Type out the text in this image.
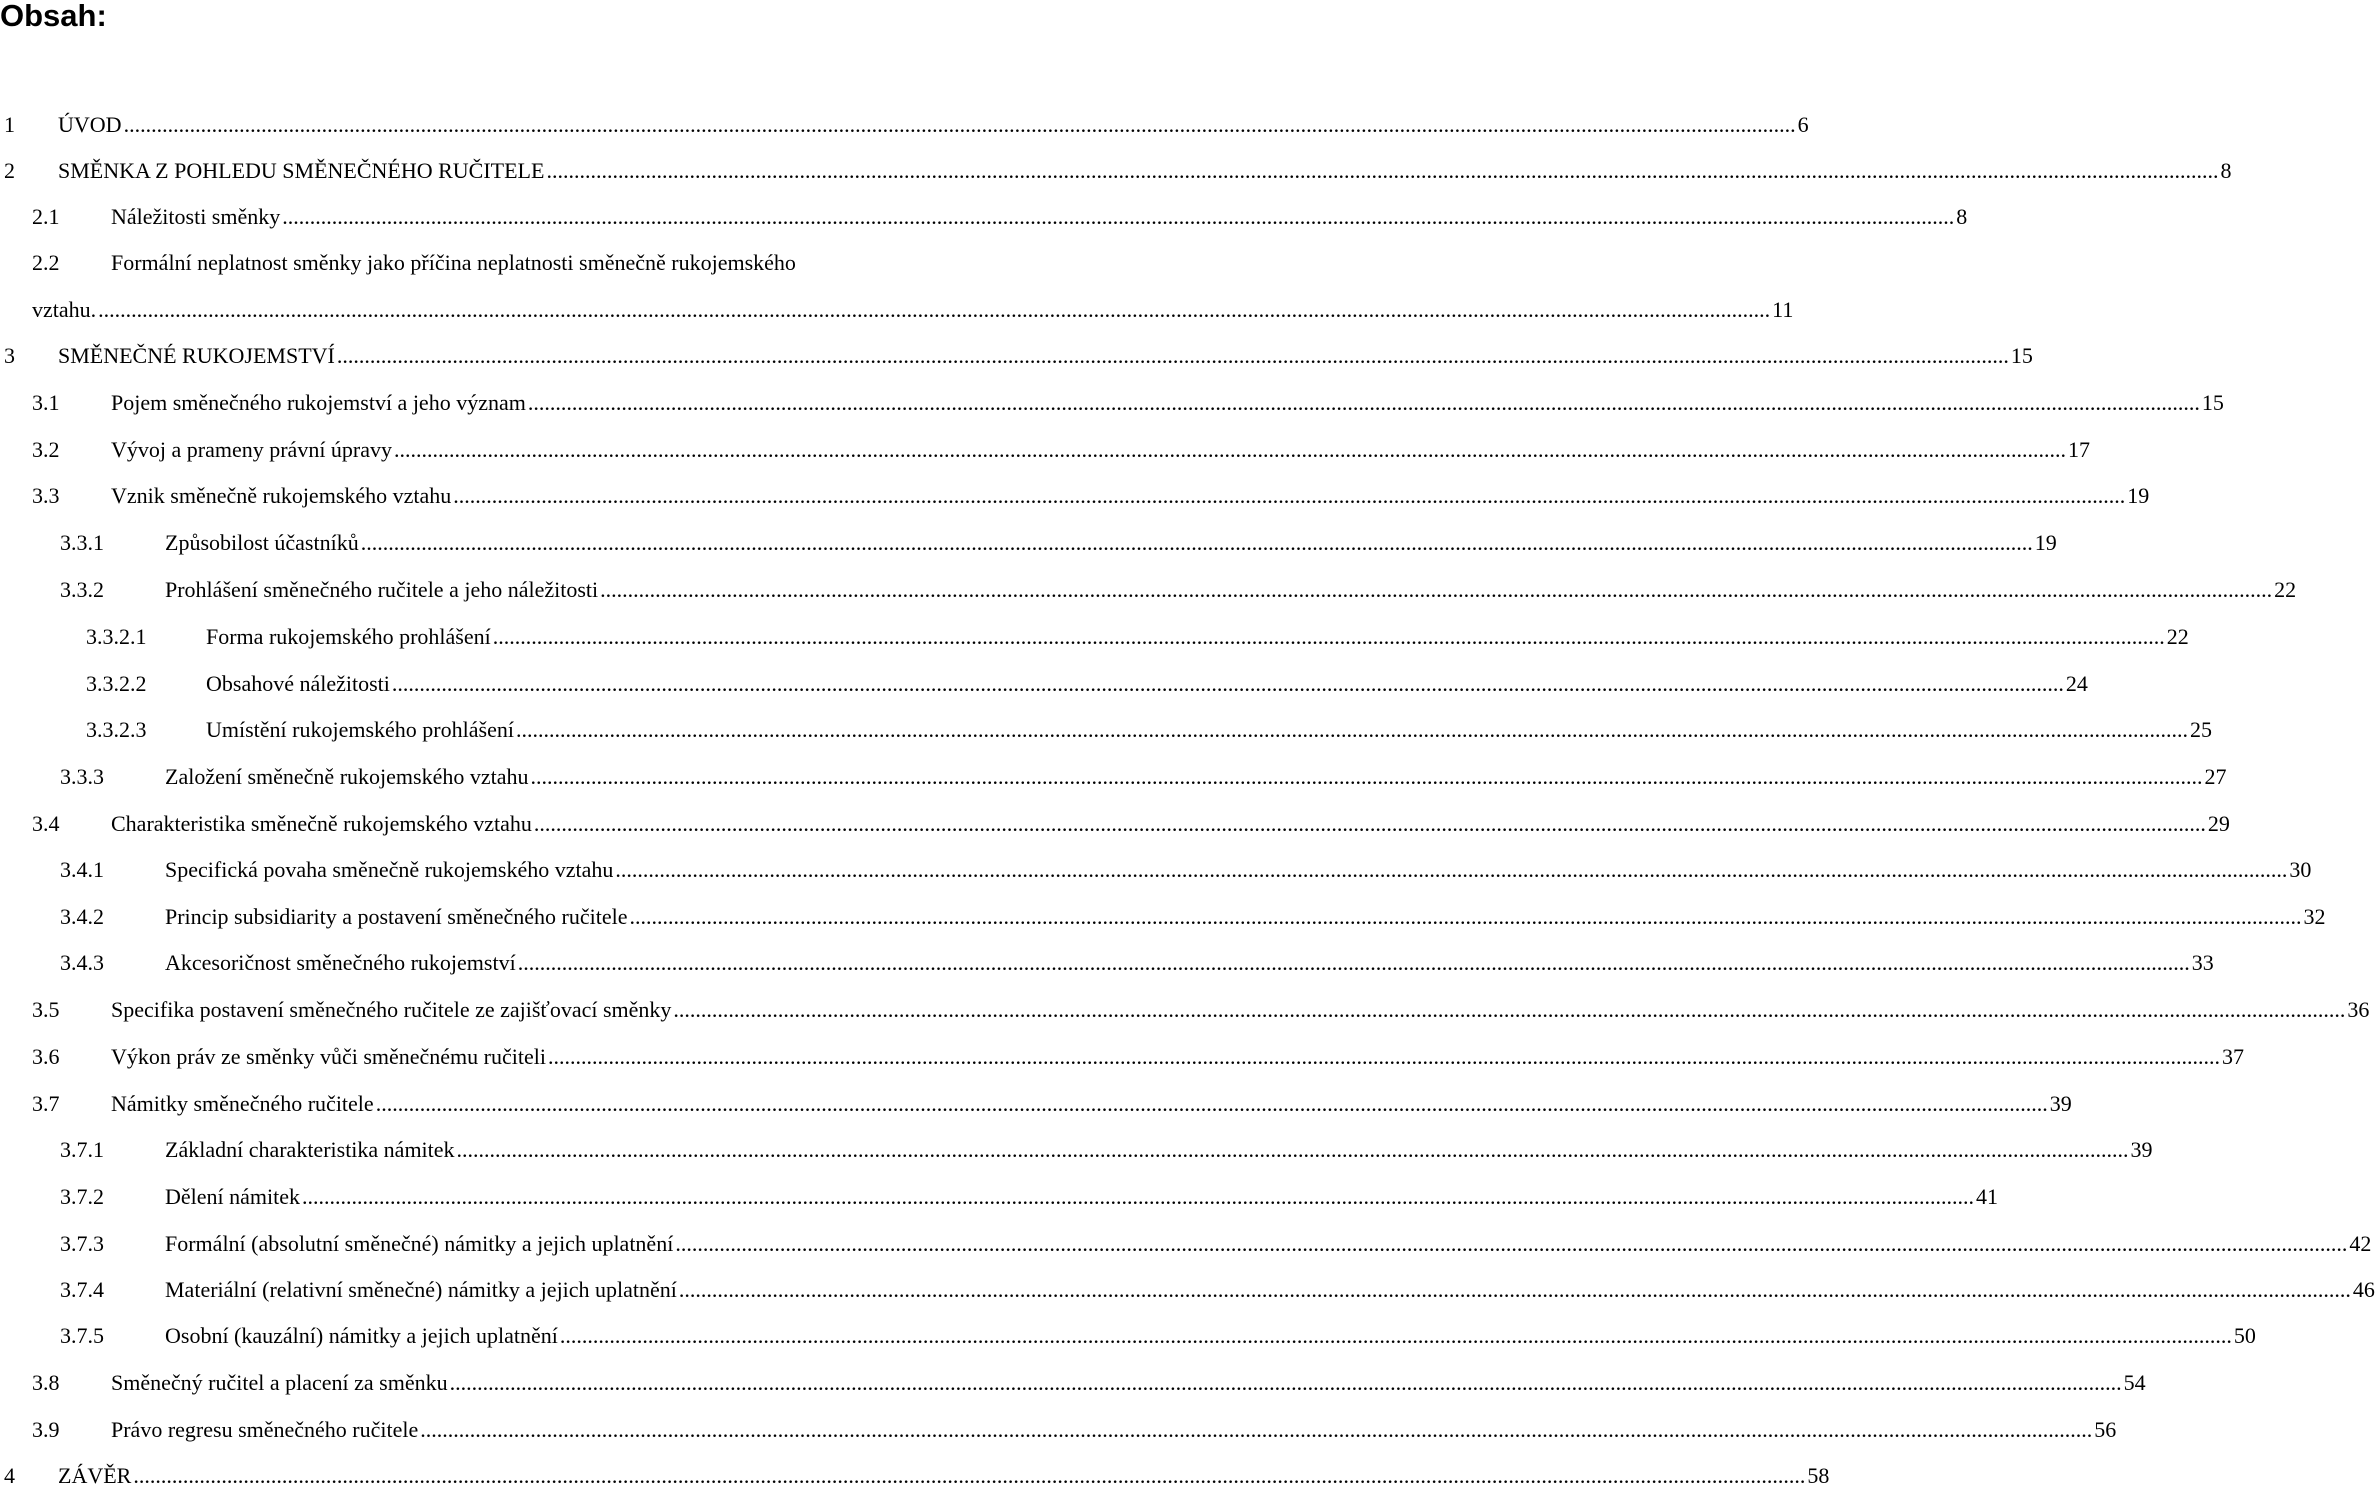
Obsah:
1	ÚVOD .....	6
2	SMĚNKA Z POHLEDU SMĚNEČNÉHO RUČITELE .....	8
2.1	Náležitosti směnky .....	8
2.2	Formální neplatnost směnky jako příčina neplatnosti směnečně rukojemského
vztahu. .....	11
3	SMĚNEČNÉ RUKOJEMSTVÍ .....	15
3.1	Pojem směnečného rukojemství a jeho význam .....	15
3.2	Vývoj a prameny právní úpravy .....	17
3.3	Vznik směnečně rukojemského vztahu .....	19
3.3.1	Způsobilost účastníků .....	19
3.3.2	Prohlášení směnečného ručitele a jeho náležitosti .....	22
3.3.2.1	Forma rukojemského prohlášení .....	22
3.3.2.2	Obsahové náležitosti .....	24
3.3.2.3	Umístění rukojemského prohlášení .....	25
3.3.3	Založení směnečně rukojemského vztahu .....	27
3.4	Charakteristika směnečně rukojemského vztahu .....	29
3.4.1	Specifická povaha směnečně rukojemského vztahu .....	30
3.4.2	Princip subsidiarity a postavení směnečného ručitele .....	32
3.4.3	Akcesoričnost směnečného rukojemství .....	33
3.5	Specifika postavení směnečného ručitele ze zajišťovací směnky .....	36
3.6	Výkon práv ze směnky vůči směnečnému ručiteli .....	37
3.7	Námitky směnečného ručitele .....	39
3.7.1	Základní charakteristika námitek .....	39
3.7.2	Dělení námitek .....	41
3.7.3	Formální (absolutní směnečné) námitky a jejich uplatnění .....	42
3.7.4	Materiální (relativní směnečné) námitky a jejich uplatnění .....	46
3.7.5	Osobní (kauzální) námitky a jejich uplatnění .....	50
3.8	Směnečný ručitel a placení za směnku .....	54
3.9	Právo regresu směnečného ručitele .....	56
4	ZÁVĚR .....	58
